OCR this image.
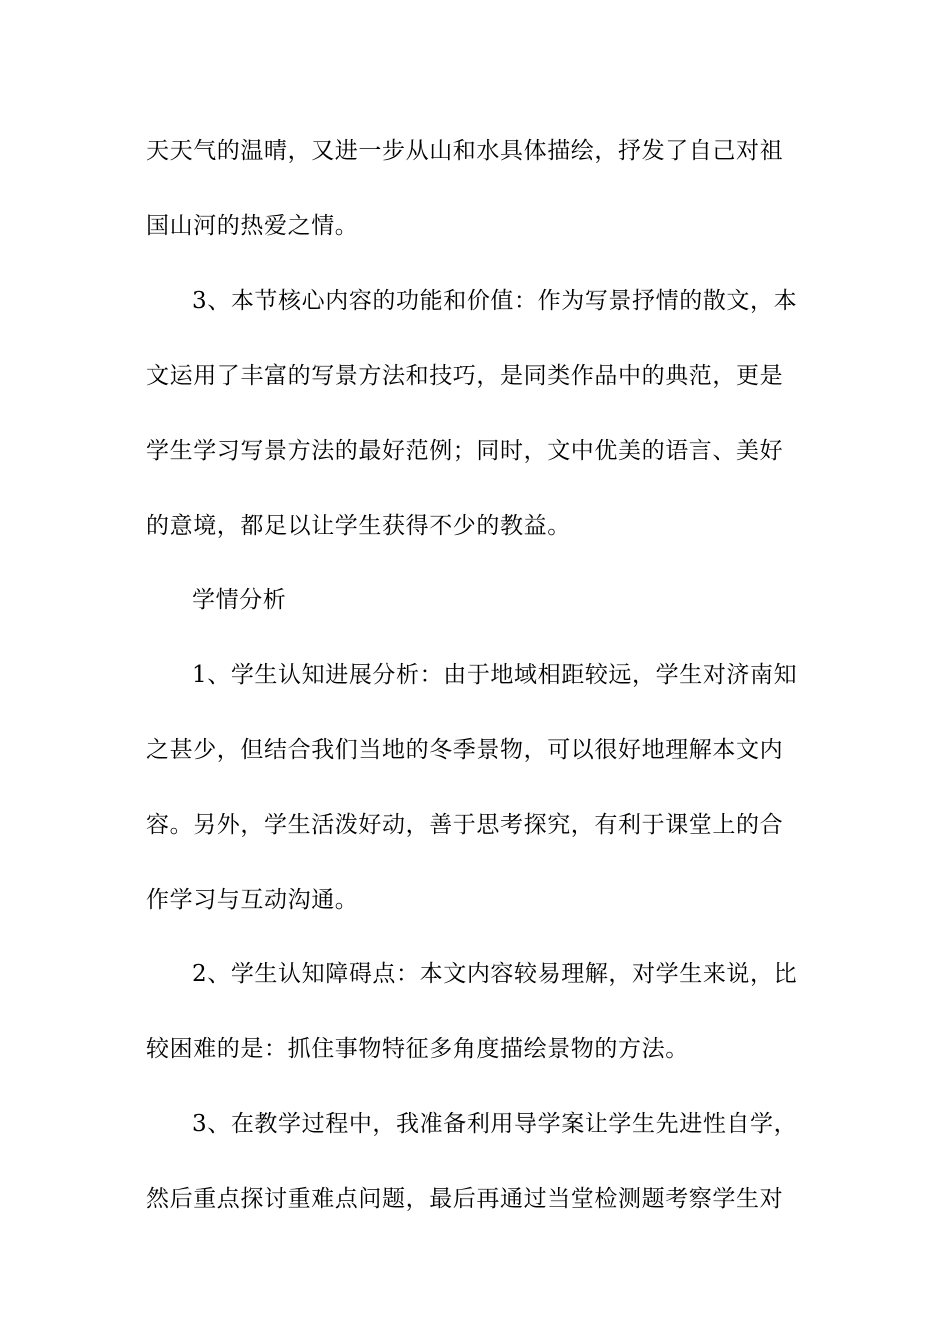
天天气的温晴，又进一步从山和水具体描绘，抒发了自己对祖
国山河的热爱之情。
3、本节核心内容的功能和价值：作为写景抒情的散文，本
文运用了丰富的写景方法和技巧，是同类作品中的典范，更是
学生学习写景方法的最好范例；同时，文中优美的语言、美好
的意境，都足以让学生获得不少的教益。
学情分析
1、学生认知进展分析：由于地域相距较远，学生对济南知
之甚少，但结合我们当地的冬季景物，可以很好地理解本文内
容。另外，学生活泼好动，善于思考探究，有利于课堂上的合
作学习与互动沟通。
2、学生认知障碍点：本文内容较易理解，对学生来说，比
较困难的是：抓住事物特征多角度描绘景物的方法。
3、在教学过程中，我准备利用导学案让学生先进性自学，
然后重点探讨重难点问题，最后再通过当堂检测题考察学生对
